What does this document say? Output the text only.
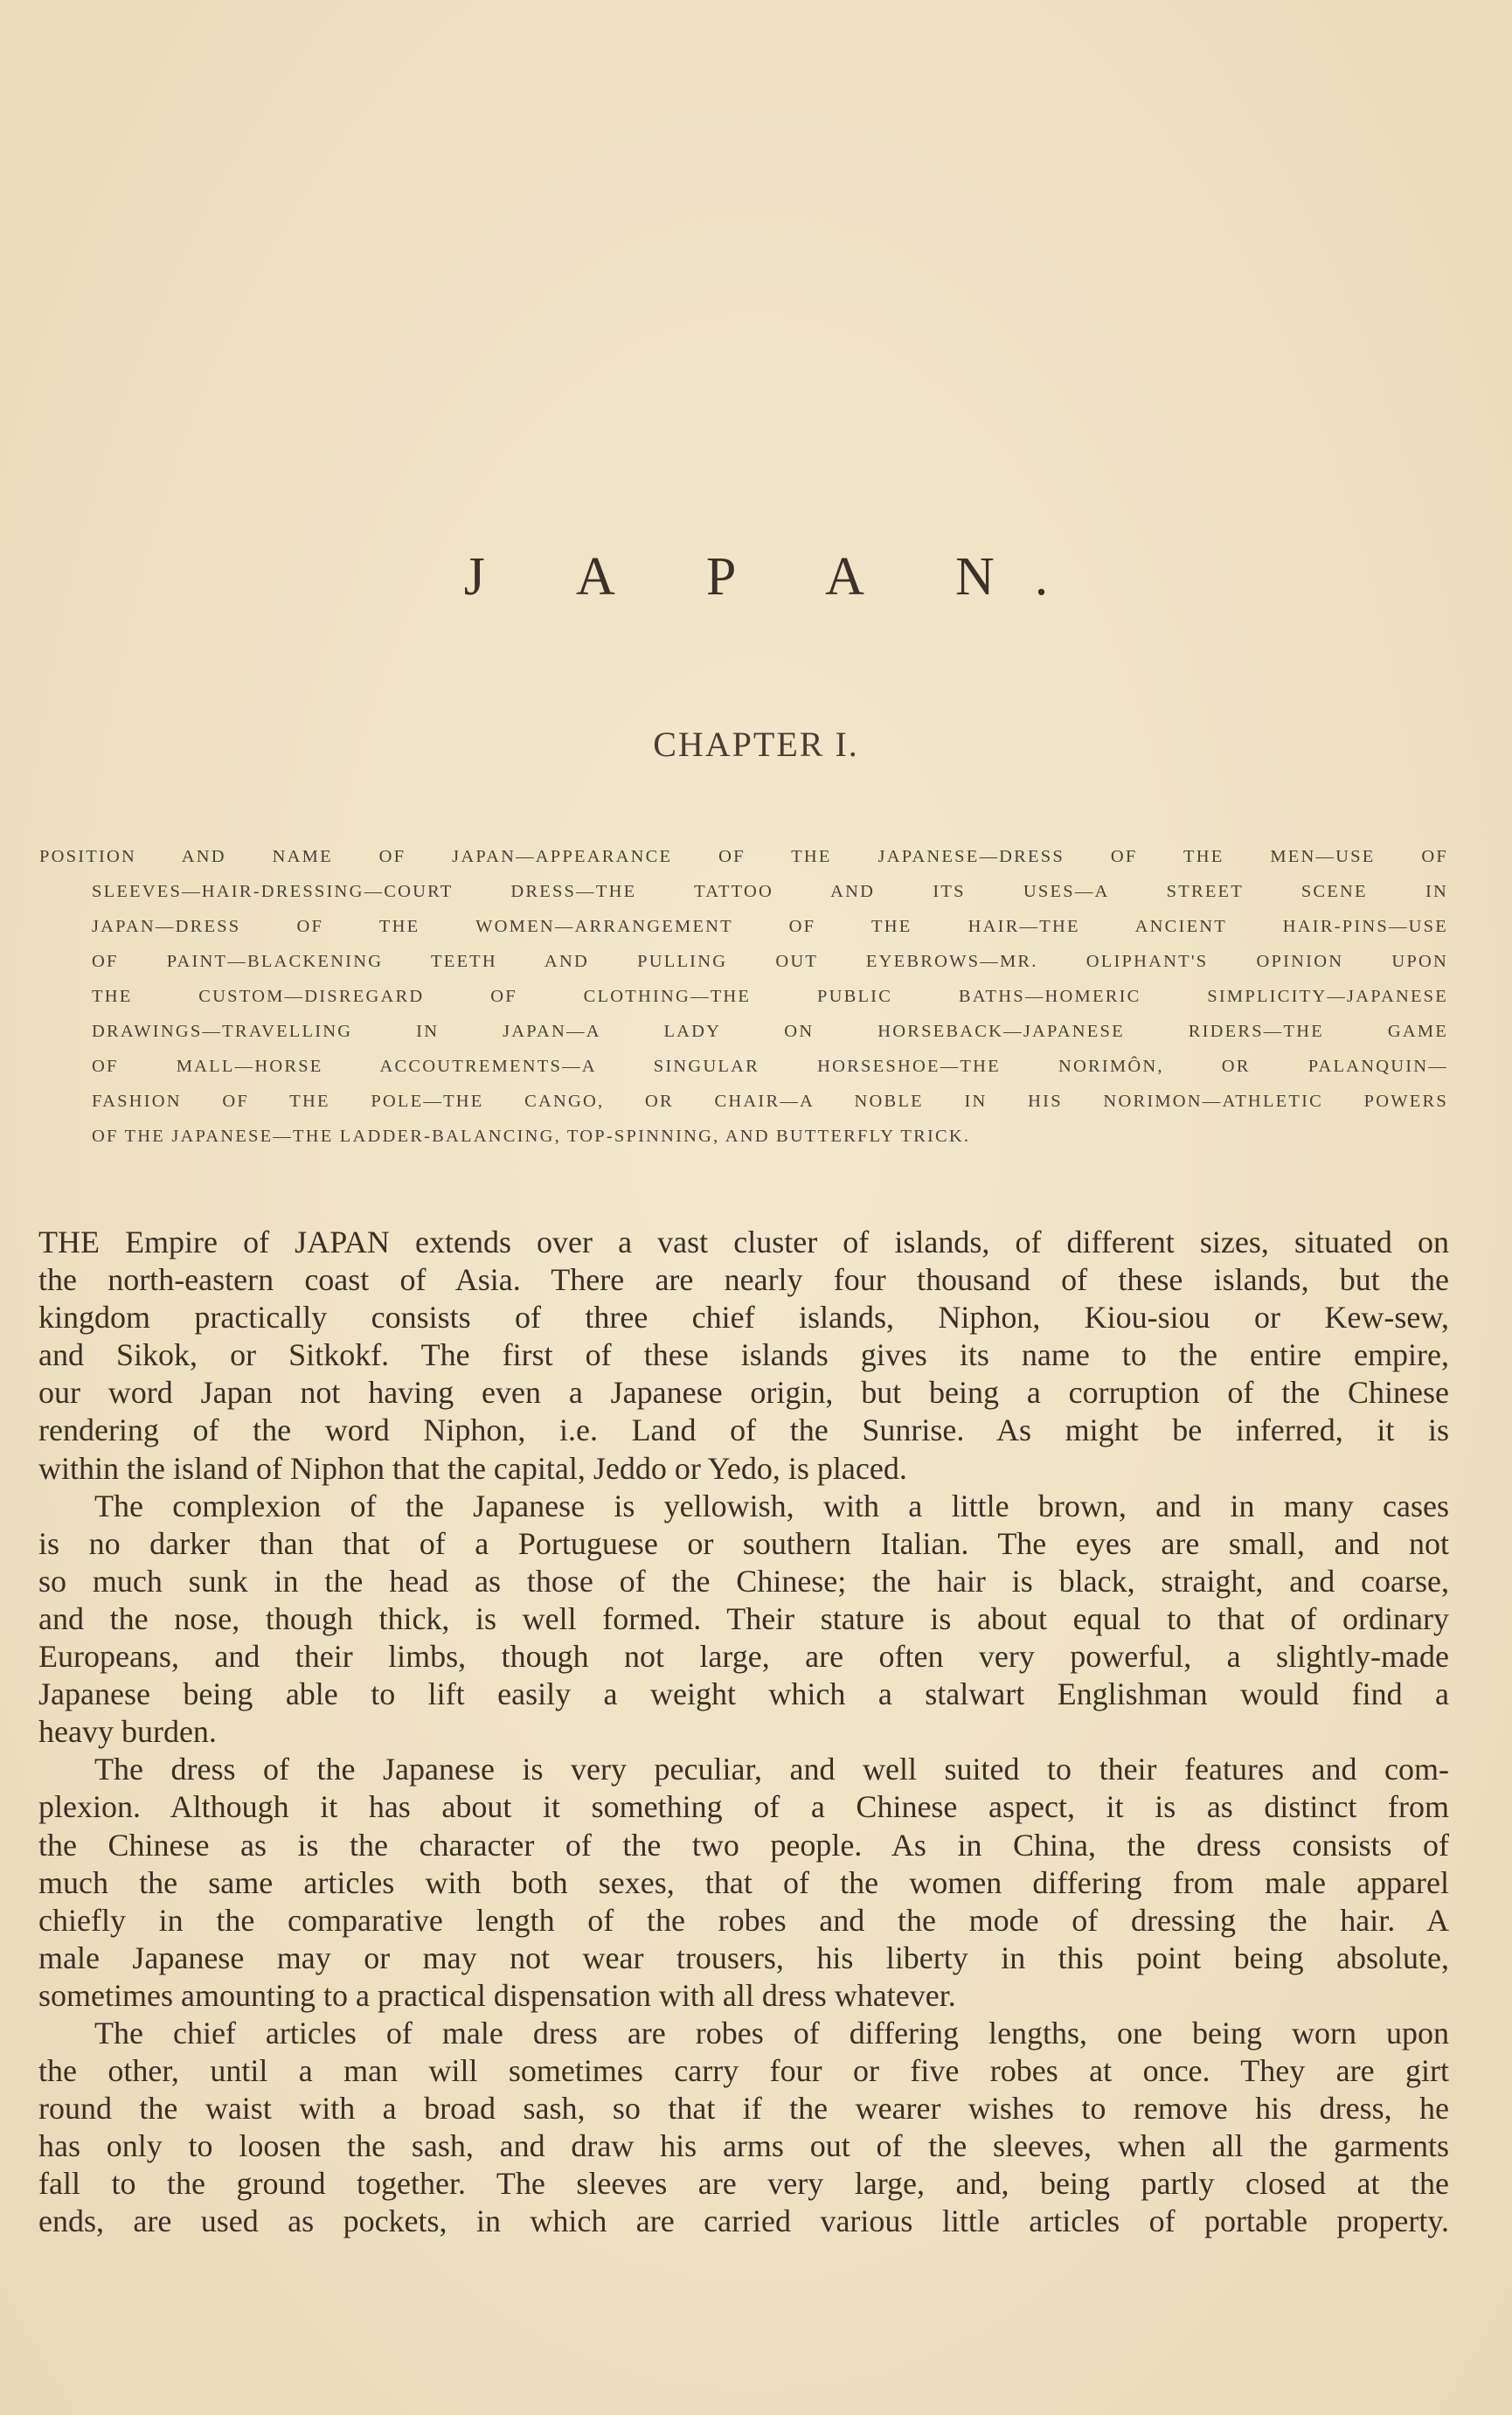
J A P A N.
CHAPTER I.
POSITION AND NAME OF JAPAN—APPEARANCE OF THE JAPANESE—DRESS OF THE MEN—USE OF
SLEEVES—HAIR-DRESSING—COURT DRESS—THE TATTOO AND ITS USES—A STREET SCENE IN
JAPAN—DRESS OF THE WOMEN—ARRANGEMENT OF THE HAIR—THE ANCIENT HAIR-PINS—USE
OF PAINT—BLACKENING TEETH AND PULLING OUT EYEBROWS—MR. OLIPHANT'S OPINION UPON
THE CUSTOM—DISREGARD OF CLOTHING—THE PUBLIC BATHS—HOMERIC SIMPLICITY—JAPANESE
DRAWINGS—TRAVELLING IN JAPAN—A LADY ON HORSEBACK—JAPANESE RIDERS—THE GAME
OF MALL—HORSE ACCOUTREMENTS—A SINGULAR HORSESHOE—THE NORIMÔN, OR PALANQUIN—
FASHION OF THE POLE—THE CANGO, OR CHAIR—A NOBLE IN HIS NORIMON—ATHLETIC POWERS
OF THE JAPANESE—THE LADDER-BALANCING, TOP-SPINNING, AND BUTTERFLY TRICK.
THE Empire of JAPAN extends over a vast cluster of islands, of different sizes, situated on
the north-eastern coast of Asia. There are nearly four thousand of these islands, but the
kingdom practically consists of three chief islands, Niphon, Kiou-siou or Kew-sew,
and Sikok, or Sitkokf. The first of these islands gives its name to the entire empire,
our word Japan not having even a Japanese origin, but being a corruption of the Chinese
rendering of the word Niphon, i.e. Land of the Sunrise. As might be inferred, it is
within the island of Niphon that the capital, Jeddo or Yedo, is placed.
The complexion of the Japanese is yellowish, with a little brown, and in many cases
is no darker than that of a Portuguese or southern Italian. The eyes are small, and not
so much sunk in the head as those of the Chinese; the hair is black, straight, and coarse,
and the nose, though thick, is well formed. Their stature is about equal to that of ordinary
Europeans, and their limbs, though not large, are often very powerful, a slightly-made
Japanese being able to lift easily a weight which a stalwart Englishman would find a
heavy burden.
The dress of the Japanese is very peculiar, and well suited to their features and com-
plexion. Although it has about it something of a Chinese aspect, it is as distinct from
the Chinese as is the character of the two people. As in China, the dress consists of
much the same articles with both sexes, that of the women differing from male apparel
chiefly in the comparative length of the robes and the mode of dressing the hair. A
male Japanese may or may not wear trousers, his liberty in this point being absolute,
sometimes amounting to a practical dispensation with all dress whatever.
The chief articles of male dress are robes of differing lengths, one being worn upon
the other, until a man will sometimes carry four or five robes at once. They are girt
round the waist with a broad sash, so that if the wearer wishes to remove his dress, he
has only to loosen the sash, and draw his arms out of the sleeves, when all the garments
fall to the ground together. The sleeves are very large, and, being partly closed at the
ends, are used as pockets, in which are carried various little articles of portable property.
